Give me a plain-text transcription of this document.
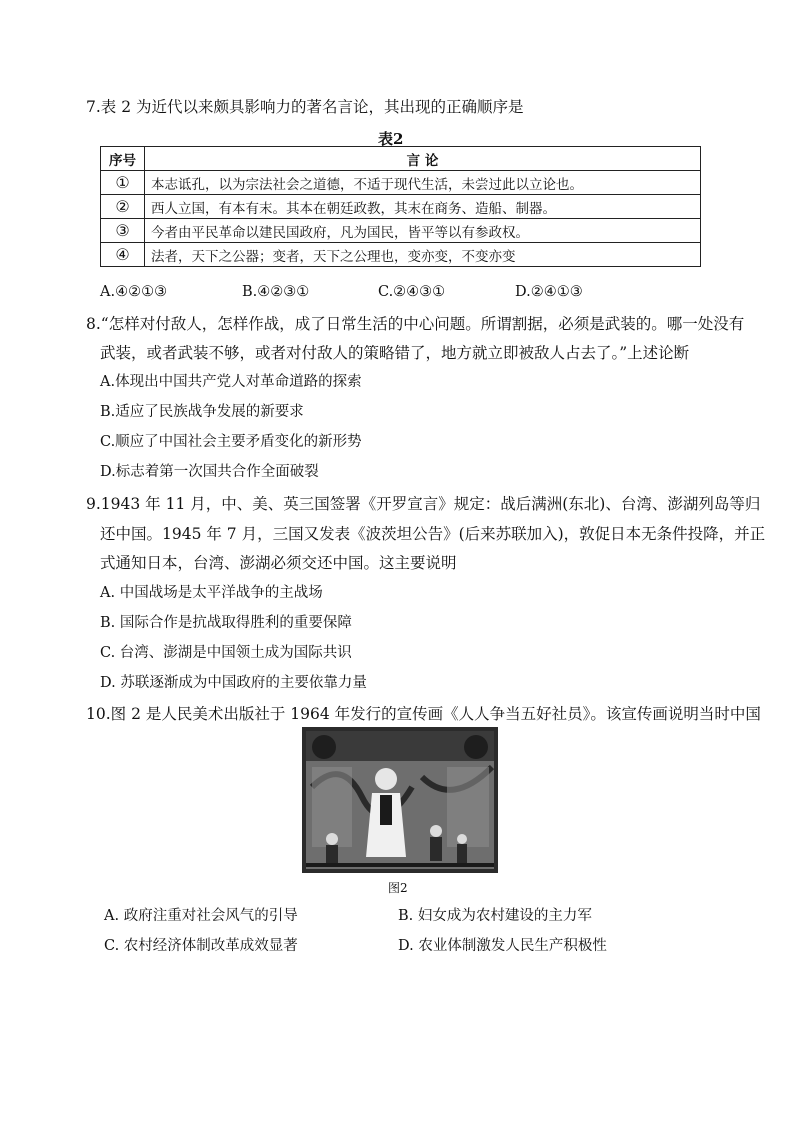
7.表 2 为近代以来颇具影响力的著名言论，其出现的正确顺序是
表2
序号	言 论
①	本志诋孔，以为宗法社会之道德，不适于现代生活，未尝过此以立论也。
②	西人立国，有本有末。其本在朝廷政教，其末在商务、造船、制器。
③	今者由平民革命以建民国政府，凡为国民，皆平等以有参政权。
④	法者，天下之公器；变者，天下之公理也，变亦变，不变亦变
A.④②①③	B.④②③①	C.②④③①	D.②④①③
8.“怎样对付敌人，怎样作战，成了日常生活的中心问题。所谓割据，必须是武装的。哪一处没有
武装，或者武装不够，或者对付敌人的策略错了，地方就立即被敌人占去了。”上述论断
A.体现出中国共产党人对革命道路的探索
B.适应了民族战争发展的新要求
C.顺应了中国社会主要矛盾变化的新形势
D.标志着第一次国共合作全面破裂
9.1943 年 11 月，中、美、英三国签署《开罗宣言》规定：战后满洲(东北)、台湾、澎湖列岛等归
还中国。1945 年 7 月，三国又发表《波茨坦公告》(后来苏联加入)，敦促日本无条件投降，并正
式通知日本，台湾、澎湖必须交还中国。这主要说明
A. 中国战场是太平洋战争的主战场
B. 国际合作是抗战取得胜利的重要保障
C. 台湾、澎湖是中国领土成为国际共识
D. 苏联逐渐成为中国政府的主要依靠力量
10.图 2 是人民美术出版社于 1964 年发行的宣传画《人人争当五好社员》。该宣传画说明当时中国
图2
A. 政府注重对社会风气的引导	B. 妇女成为农村建设的主力军
C. 农村经济体制改革成效显著	D. 农业体制激发人民生产积极性
